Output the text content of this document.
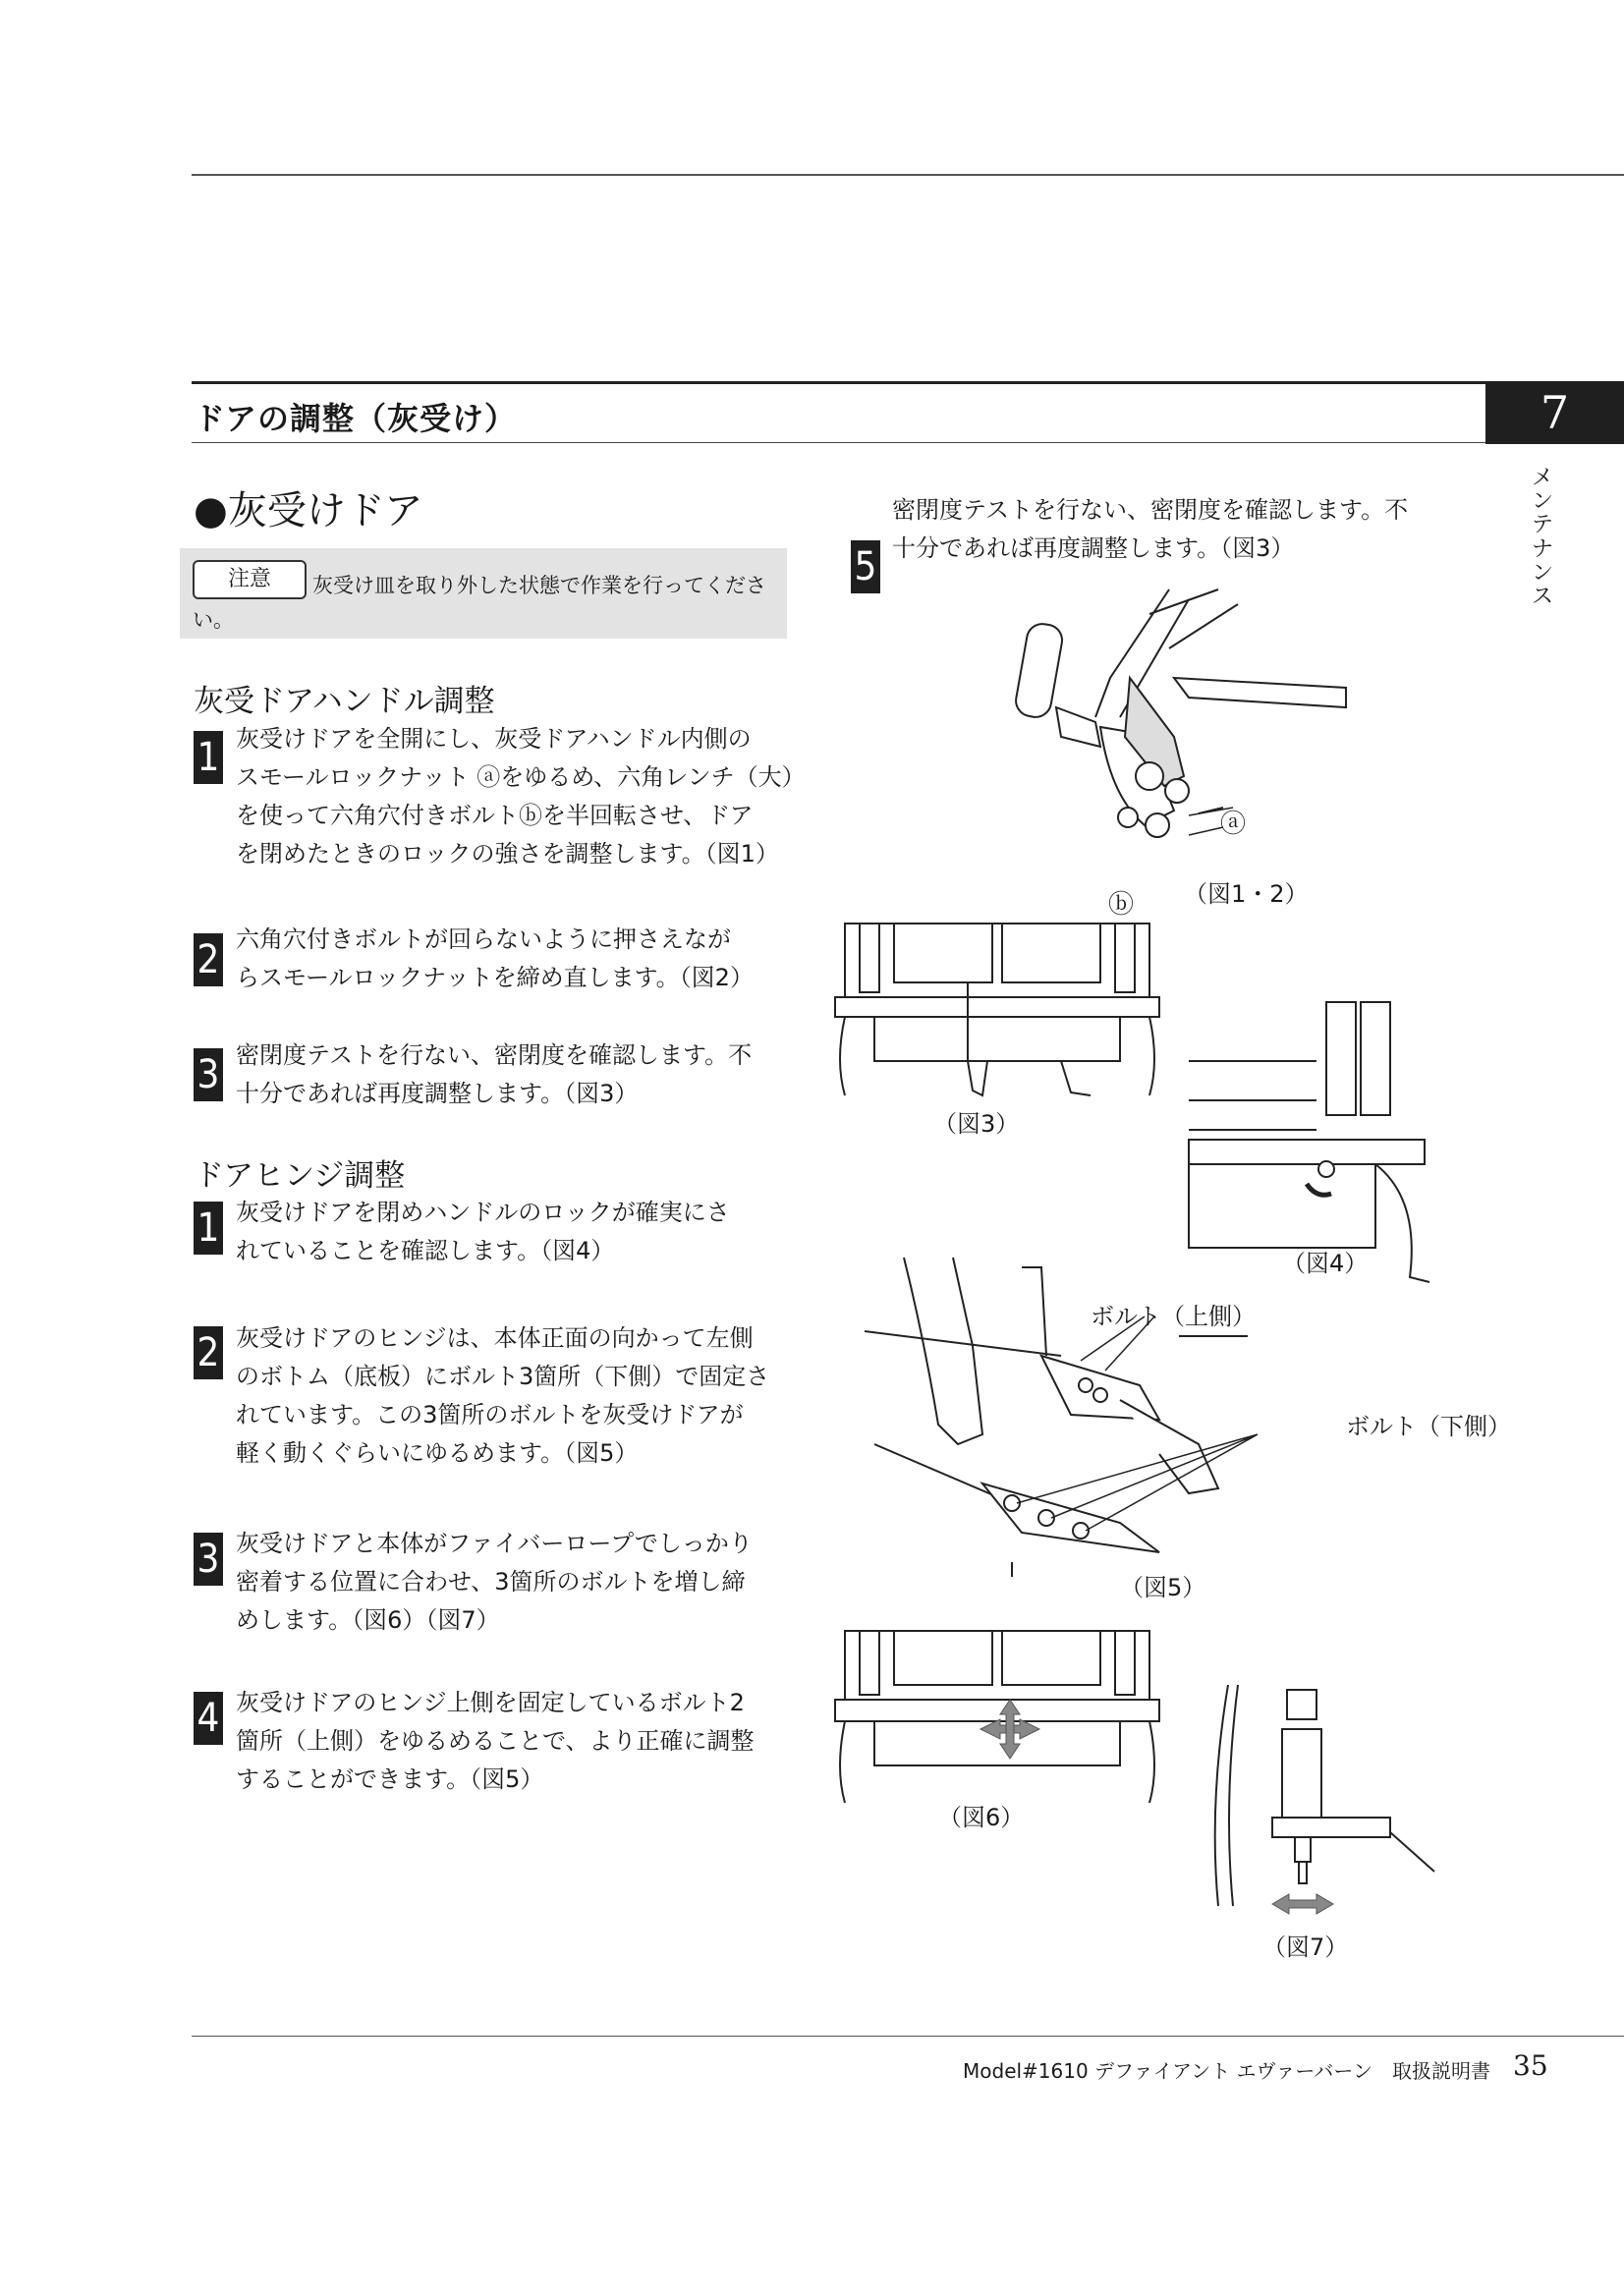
ドアの調整（灰受け）	7
メ
ン
テ
ナ
ン
ス
●灰受けドア
注意	灰受け皿を取り外した状態で作業を行ってくださ
い。
灰受ドアハンドル調整
1 灰受けドアを全開にし、灰受ドアハンドル内側の
スモールロックナット ⓐをゆるめ、六角レンチ（大）
を使って六角穴付きボルトⓑを半回転させ、ドア
を閉めたときのロックの強さを調整します。（図1）
2 六角穴付きボルトが回らないように押さえなが
らスモールロックナットを締め直します。（図2）
3 密閉度テストを行ない、密閉度を確認します。不
十分であれば再度調整します。（図3）
ドアヒンジ調整
1 灰受けドアを閉めハンドルのロックが確実にさ
れていることを確認します。（図4）
2 灰受けドアのヒンジは、本体正面の向かって左側
のボトム（底板）にボルト3箇所（下側）で固定さ
れています。この3箇所のボルトを灰受けドアが
軽く動くぐらいにゆるめます。（図5）
3 灰受けドアと本体がファイバーロープでしっかり
密着する位置に合わせ、3箇所のボルトを増し締
めします。（図6）（図7）
4 灰受けドアのヒンジ上側を固定しているボルト2
箇所（上側）をゆるめることで、より正確に調整
することができます。（図5）
5
密閉度テストを行ない、密閉度を確認します。不
十分であれば再度調整します。（図3）
ⓐ
ⓑ （図1・2）
（図3）
（図4）
ボルト（上側）
ボルト（下側）
（図5）
（図6）
（図7）
Model#1610 デファイアント エヴァーバーン　取扱説明書 35
